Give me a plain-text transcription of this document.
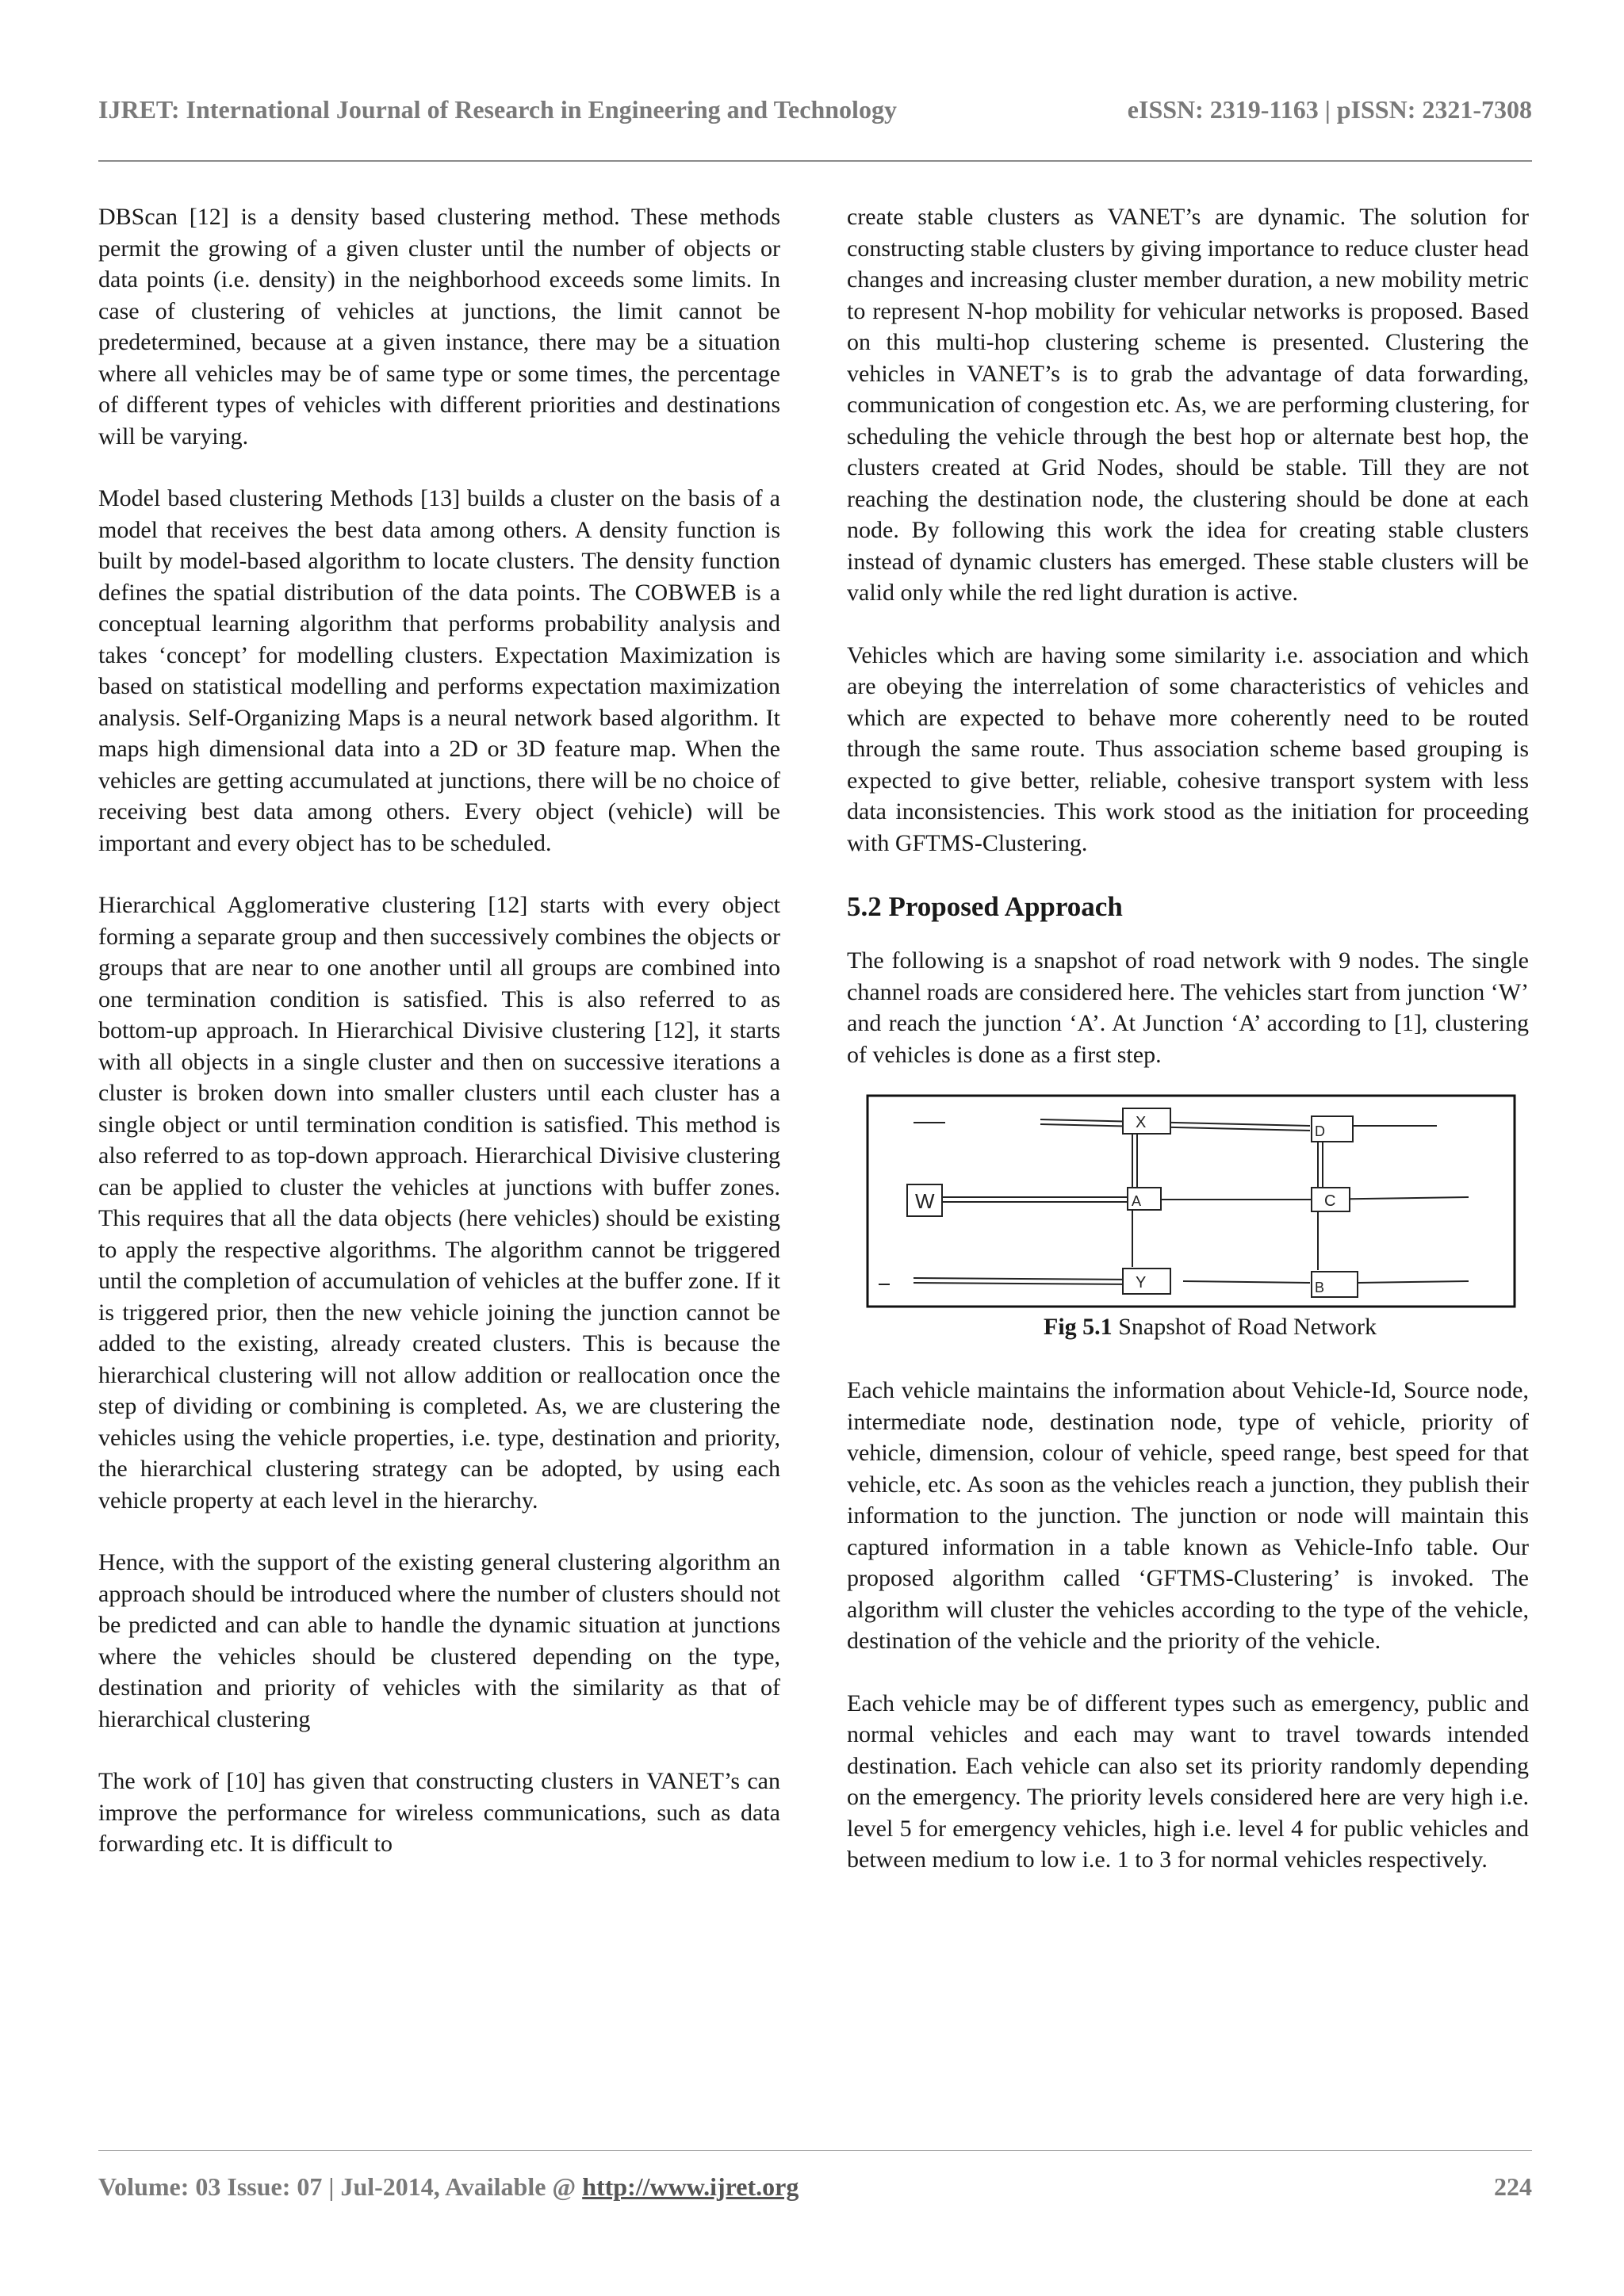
IJRET: International Journal of Research in Engineering and Technology	eISSN: 2319-1163 | pISSN: 2321-7308

DBScan [12] is a density based clustering method. These methods permit the growing of a given cluster until the number of objects or data points (i.e. density) in the neighborhood exceeds some limits. In case of clustering of vehicles at junctions, the limit cannot be predetermined, because at a given instance, there may be a situation where all vehicles may be of same type or some times, the percentage of different types of vehicles with different priorities and destinations will be varying.

Model based clustering Methods [13] builds a cluster on the basis of a model that receives the best data among others. A density function is built by model-based algorithm to locate clusters. The density function defines the spatial distribution of the data points. The COBWEB is a conceptual learning algorithm that performs probability analysis and takes ‘concept’ for modelling clusters. Expectation Maximization is based on statistical modelling and performs expectation maximization analysis. Self-Organizing Maps is a neural network based algorithm. It maps high dimensional data into a 2D or 3D feature map. When the vehicles are getting accumulated at junctions, there will be no choice of receiving best data among others. Every object (vehicle) will be important and every object has to be scheduled.

Hierarchical Agglomerative clustering [12] starts with every object forming a separate group and then successively combines the objects or groups that are near to one another until all groups are combined into one termination condition is satisfied. This is also referred to as bottom-up approach. In Hierarchical Divisive clustering [12], it starts with all objects in a single cluster and then on successive iterations a cluster is broken down into smaller clusters until each cluster has a single object or until termination condition is satisfied. This method is also referred to as top-down approach. Hierarchical Divisive clustering can be applied to cluster the vehicles at junctions with buffer zones. This requires that all the data objects (here vehicles) should be existing to apply the respective algorithms. The algorithm cannot be triggered until the completion of accumulation of vehicles at the buffer zone. If it is triggered prior, then the new vehicle joining the junction cannot be added to the existing, already created clusters. This is because the hierarchical clustering will not allow addition or reallocation once the step of dividing or combining is completed. As, we are clustering the vehicles using the vehicle properties, i.e. type, destination and priority, the hierarchical clustering strategy can be adopted, by using each vehicle property at each level in the hierarchy.

Hence, with the support of the existing general clustering algorithm an approach should be introduced where the number of clusters should not be predicted and can able to handle the dynamic situation at junctions where the vehicles should be clustered depending on the type, destination and priority of vehicles with the similarity as that of hierarchical clustering

The work of [10] has given that constructing clusters in VANET’s can improve the performance for wireless communications, such as data forwarding etc. It is difficult to

create stable clusters as VANET’s are dynamic. The solution for constructing stable clusters by giving importance to reduce cluster head changes and increasing cluster member duration, a new mobility metric to represent N-hop mobility for vehicular networks is proposed. Based on this multi-hop clustering scheme is presented. Clustering the vehicles in VANET’s is to grab the advantage of data forwarding, communication of congestion etc. As, we are performing clustering, for scheduling the vehicle through the best hop or alternate best hop, the clusters created at Grid Nodes, should be stable. Till they are not reaching the destination node, the clustering should be done at each node. By following this work the idea for creating stable clusters instead of dynamic clusters has emerged. These stable clusters will be valid only while the red light duration is active.

Vehicles which are having some similarity i.e. association and which are obeying the interrelation of some characteristics of vehicles and which are expected to behave more coherently need to be routed through the same route. Thus association scheme based grouping is expected to give better, reliable, cohesive transport system with less data inconsistencies. This work stood as the initiation for proceeding with GFTMS-Clustering.

5.2 Proposed Approach

The following is a snapshot of road network with 9 nodes. The single channel roads are considered here. The vehicles start from junction ‘W’ and reach the junction ‘A’. At Junction ‘A’ according to [1], clustering of vehicles is done as a first step.

X	D
W	A	C
Y	B
Fig 5.1 Snapshot of Road Network

Each vehicle maintains the information about Vehicle-Id, Source node, intermediate node, destination node, type of vehicle, priority of vehicle, dimension, colour of vehicle, speed range, best speed for that vehicle, etc. As soon as the vehicles reach a junction, they publish their information to the junction. The junction or node will maintain this captured information in a table known as Vehicle-Info table. Our proposed algorithm called ‘GFTMS-Clustering’ is invoked. The algorithm will cluster the vehicles according to the type of the vehicle, destination of the vehicle and the priority of the vehicle.

Each vehicle may be of different types such as emergency, public and normal vehicles and each may want to travel towards intended destination. Each vehicle can also set its priority randomly depending on the emergency. The priority levels considered here are very high i.e. level 5 for emergency vehicles, high i.e. level 4 for public vehicles and between medium to low i.e. 1 to 3 for normal vehicles respectively.

Volume: 03 Issue: 07 | Jul-2014, Available @ http://www.ijret.org	224
